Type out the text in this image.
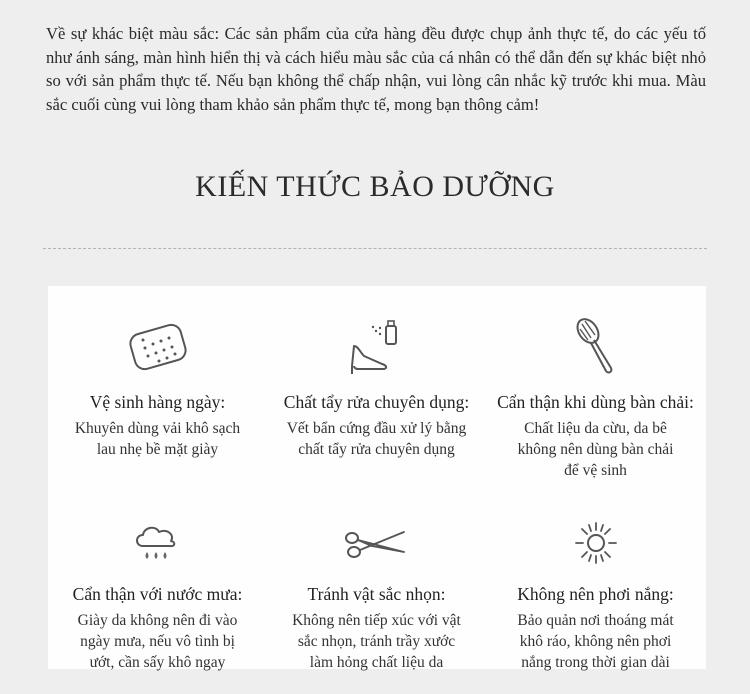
Về sự khác biệt màu sắc: Các sản phẩm của cửa hàng đều được chụp ảnh thực tế, do các yếu tố như ánh sáng, màn hình hiển thị và cách hiểu màu sắc của cá nhân có thể dẫn đến sự khác biệt nhỏ so với sản phẩm thực tế. Nếu bạn không thể chấp nhận, vui lòng cân nhắc kỹ trước khi mua. Màu sắc cuối cùng vui lòng tham khảo sản phẩm thực tế, mong bạn thông cảm!
KIẾN THỨC BẢO DƯỠNG
Vệ sinh hàng ngày:
Khuyên dùng vải khô sạch
lau nhẹ bề mặt giày
Chất tẩy rửa chuyên dụng:
Vết bẩn cứng đầu xử lý bằng
chất tẩy rửa chuyên dụng
Cẩn thận khi dùng bàn chải:
Chất liệu da cừu, da bê
không nên dùng bàn chải
để vệ sinh
Cẩn thận với nước mưa:
Giày da không nên đi vào
ngày mưa, nếu vô tình bị
ướt, cần sấy khô ngay
Tránh vật sắc nhọn:
Không nên tiếp xúc với vật
sắc nhọn, tránh trầy xước
làm hỏng chất liệu da
Không nên phơi nắng:
Bảo quản nơi thoáng mát
khô ráo, không nên phơi
nắng trong thời gian dài
